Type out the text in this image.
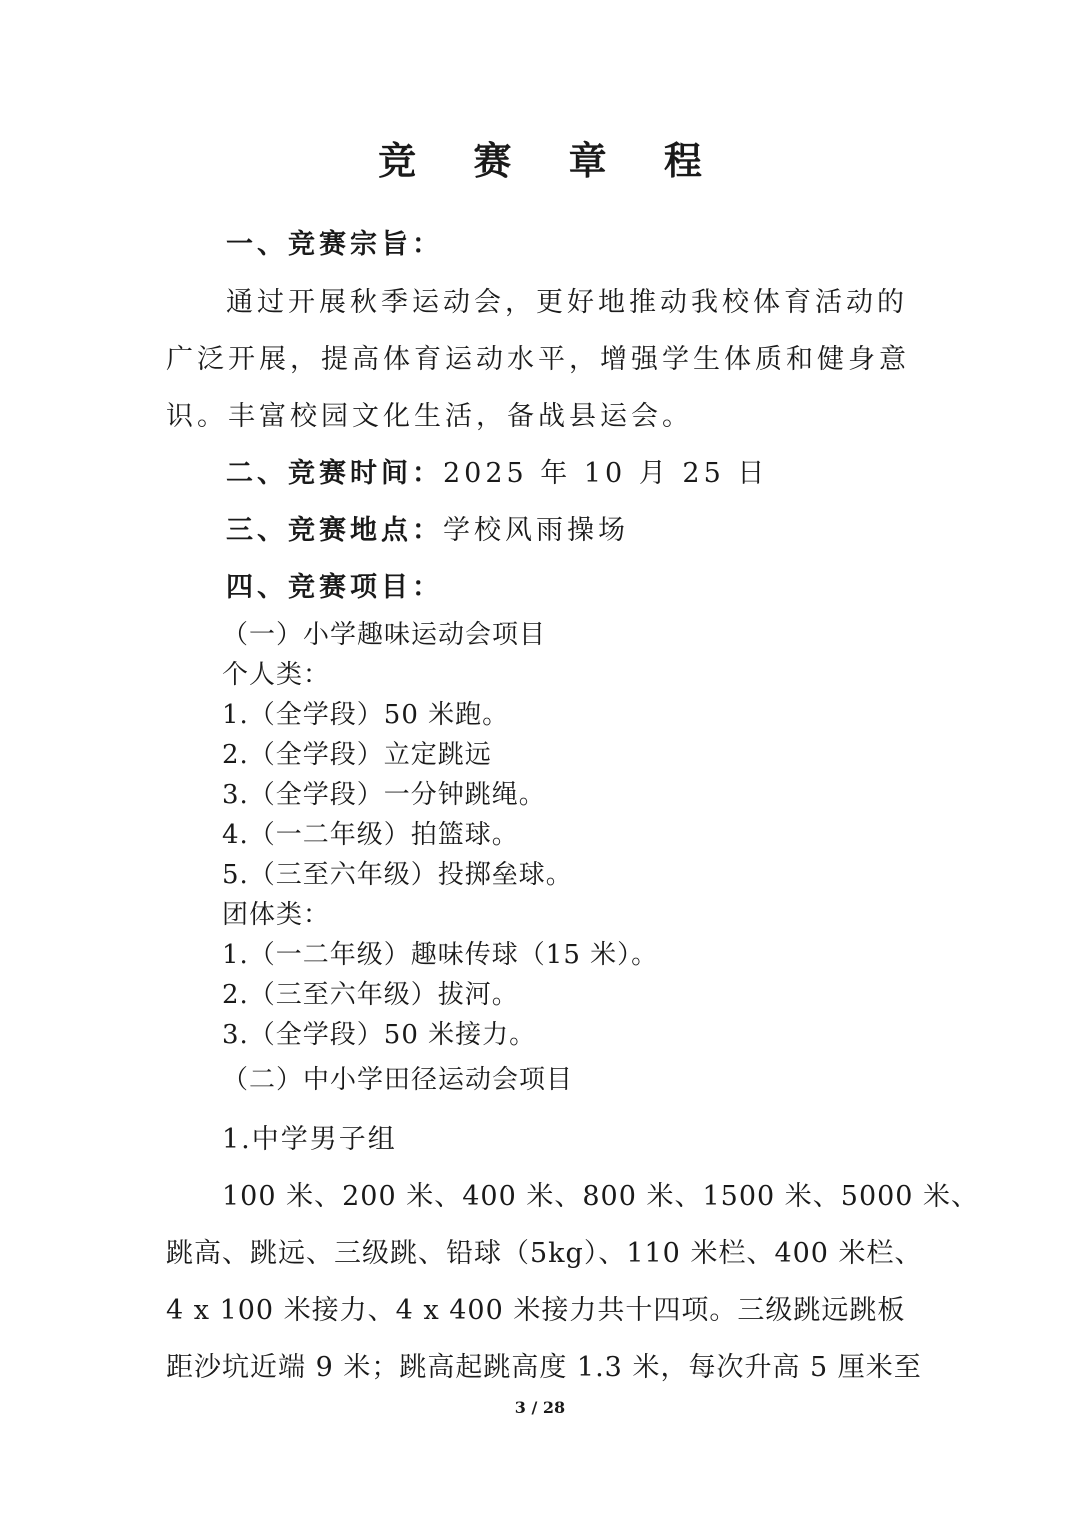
竞 赛 章 程
一、竞赛宗旨：
通过开展秋季运动会，更好地推动我校体育活动的
广泛开展，提高体育运动水平，增强学生体质和健身意
识。丰富校园文化生活，备战县运会。
二、竞赛时间：2025 年 10 月 25 日
三、竞赛地点：学校风雨操场
四、竞赛项目：
（一）小学趣味运动会项目
个人类：
1.（全学段）50 米跑。
2.（全学段）立定跳远
3.（全学段）一分钟跳绳。
4.（一二年级）拍篮球。
5.（三至六年级）投掷垒球。
团体类：
1.（一二年级）趣味传球（15 米）。
2.（三至六年级）拔河。
3.（全学段）50 米接力。
（二）中小学田径运动会项目
1.中学男子组
100 米、200 米、400 米、800 米、1500 米、5000 米、
跳高、跳远、三级跳、铅球（5kg）、110 米栏、400 米栏、
4 x 100 米接力、4 x 400 米接力共十四项。三级跳远跳板
距沙坑近端 9 米；跳高起跳高度 1.3 米，每次升高 5 厘米至
3 / 28
